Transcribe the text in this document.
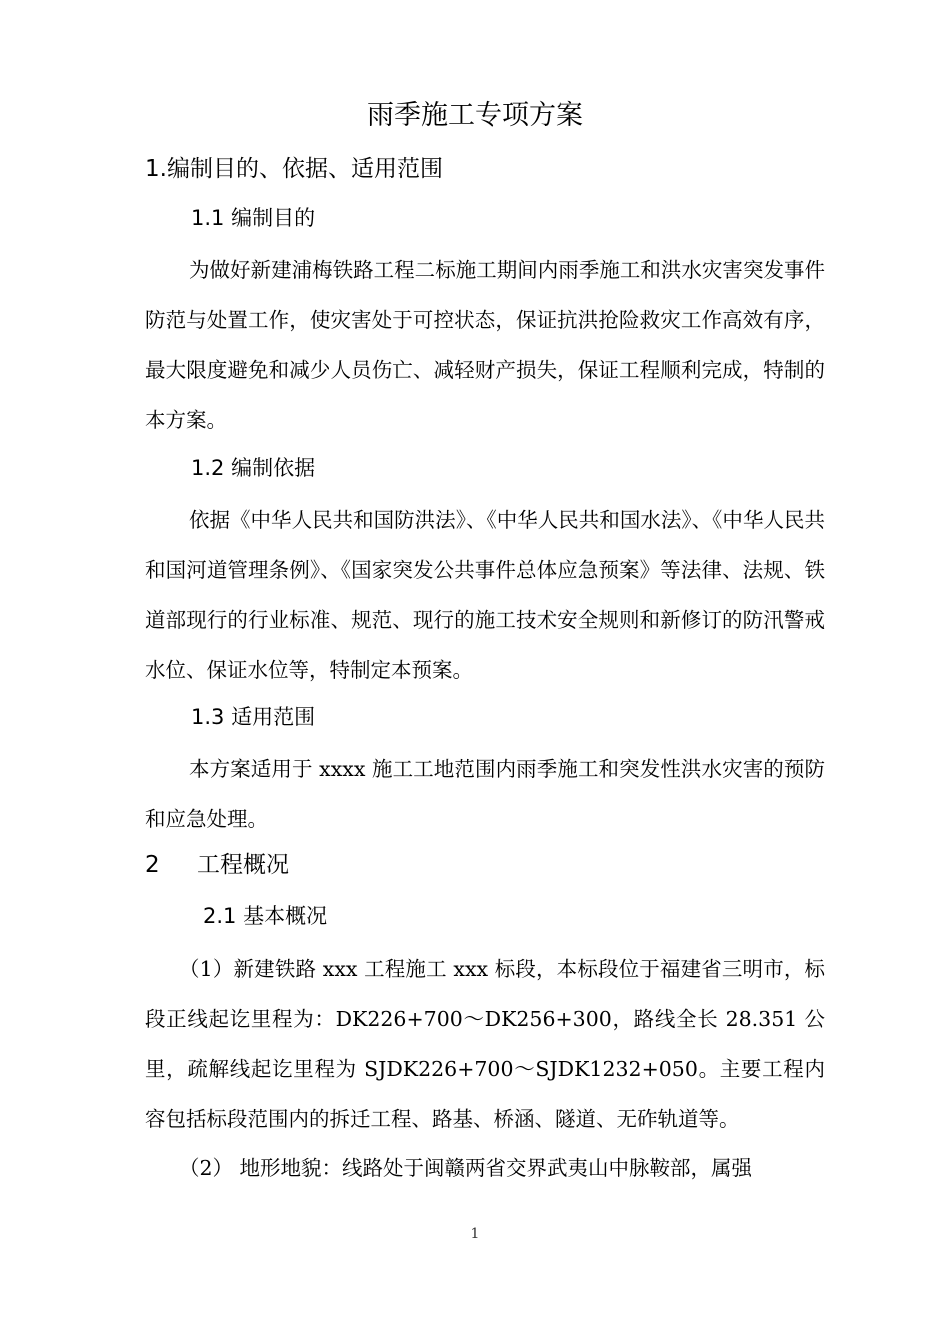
雨季施工专项方案
1.编制目的、依据、适用范围
1.1 编制目的
为做好新建浦梅铁路工程二标施工期间内雨季施工和洪水灾害突发事件防范与处置工作，使灾害处于可控状态，保证抗洪抢险救灾工作高效有序，最大限度避免和减少人员伤亡、减轻财产损失，保证工程顺利完成，特制的本方案。
1.2 编制依据
依据《中华人民共和国防洪法》、《中华人民共和国水法》、《中华人民共和国河道管理条例》、《国家突发公共事件总体应急预案》等法律、法规、铁道部现行的行业标准、规范、现行的施工技术安全规则和新修订的防汛警戒水位、保证水位等，特制定本预案。
1.3 适用范围
本方案适用于 xxxx 施工工地范围内雨季施工和突发性洪水灾害的预防和应急处理。
2 工程概况
2.1 基本概况
（1）新建铁路 xxx 工程施工 xxx 标段，本标段位于福建省三明市，标段正线起讫里程为：DK226+700～DK256+300，路线全长 28.351 公里，疏解线起讫里程为 SJDK226+700～SJDK1232+050。主要工程内容包括标段范围内的拆迁工程、路基、桥涵、隧道、无砟轨道等。
（2） 地形地貌：线路处于闽赣两省交界武夷山中脉鞍部，属强
1
